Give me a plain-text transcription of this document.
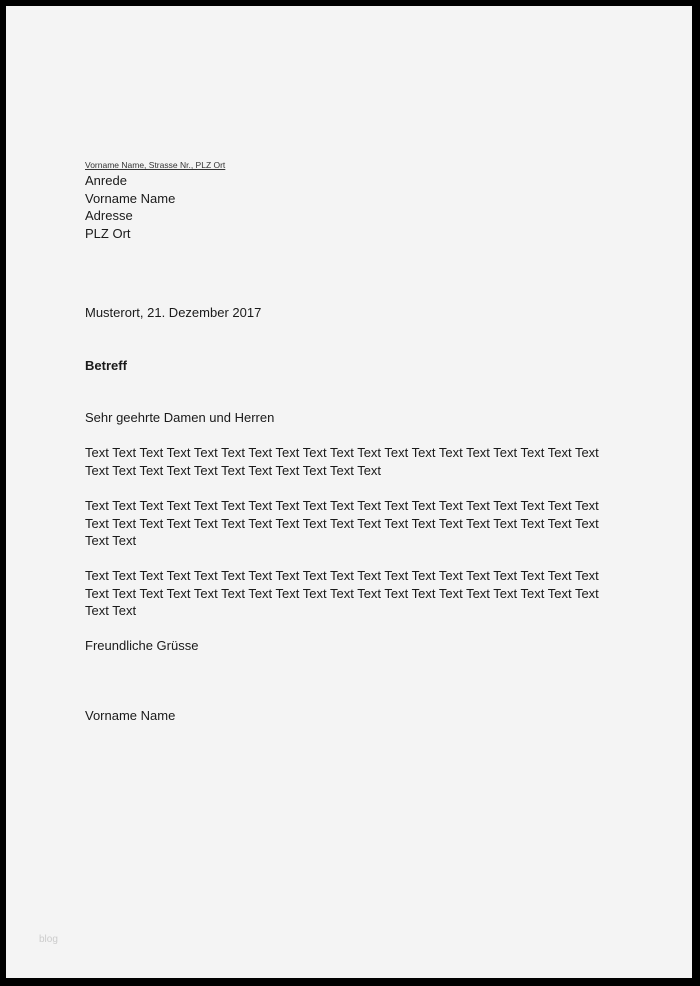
Vorname Name, Strasse Nr., PLZ Ort
Anrede
Vorname Name
Adresse
PLZ Ort
Musterort, 21. Dezember 2017
Betreff
Sehr geehrte Damen und Herren
Text Text Text Text Text Text Text Text Text Text Text Text Text Text Text Text Text Text Text
Text Text Text Text Text Text Text Text Text Text Text
Text Text Text Text Text Text Text Text Text Text Text Text Text Text Text Text Text Text Text
Text Text Text Text Text Text Text Text Text Text Text Text Text Text Text Text Text Text Text
Text Text
Text Text Text Text Text Text Text Text Text Text Text Text Text Text Text Text Text Text Text
Text Text Text Text Text Text Text Text Text Text Text Text Text Text Text Text Text Text Text
Text Text
Freundliche Grüsse
Vorname Name
blog
